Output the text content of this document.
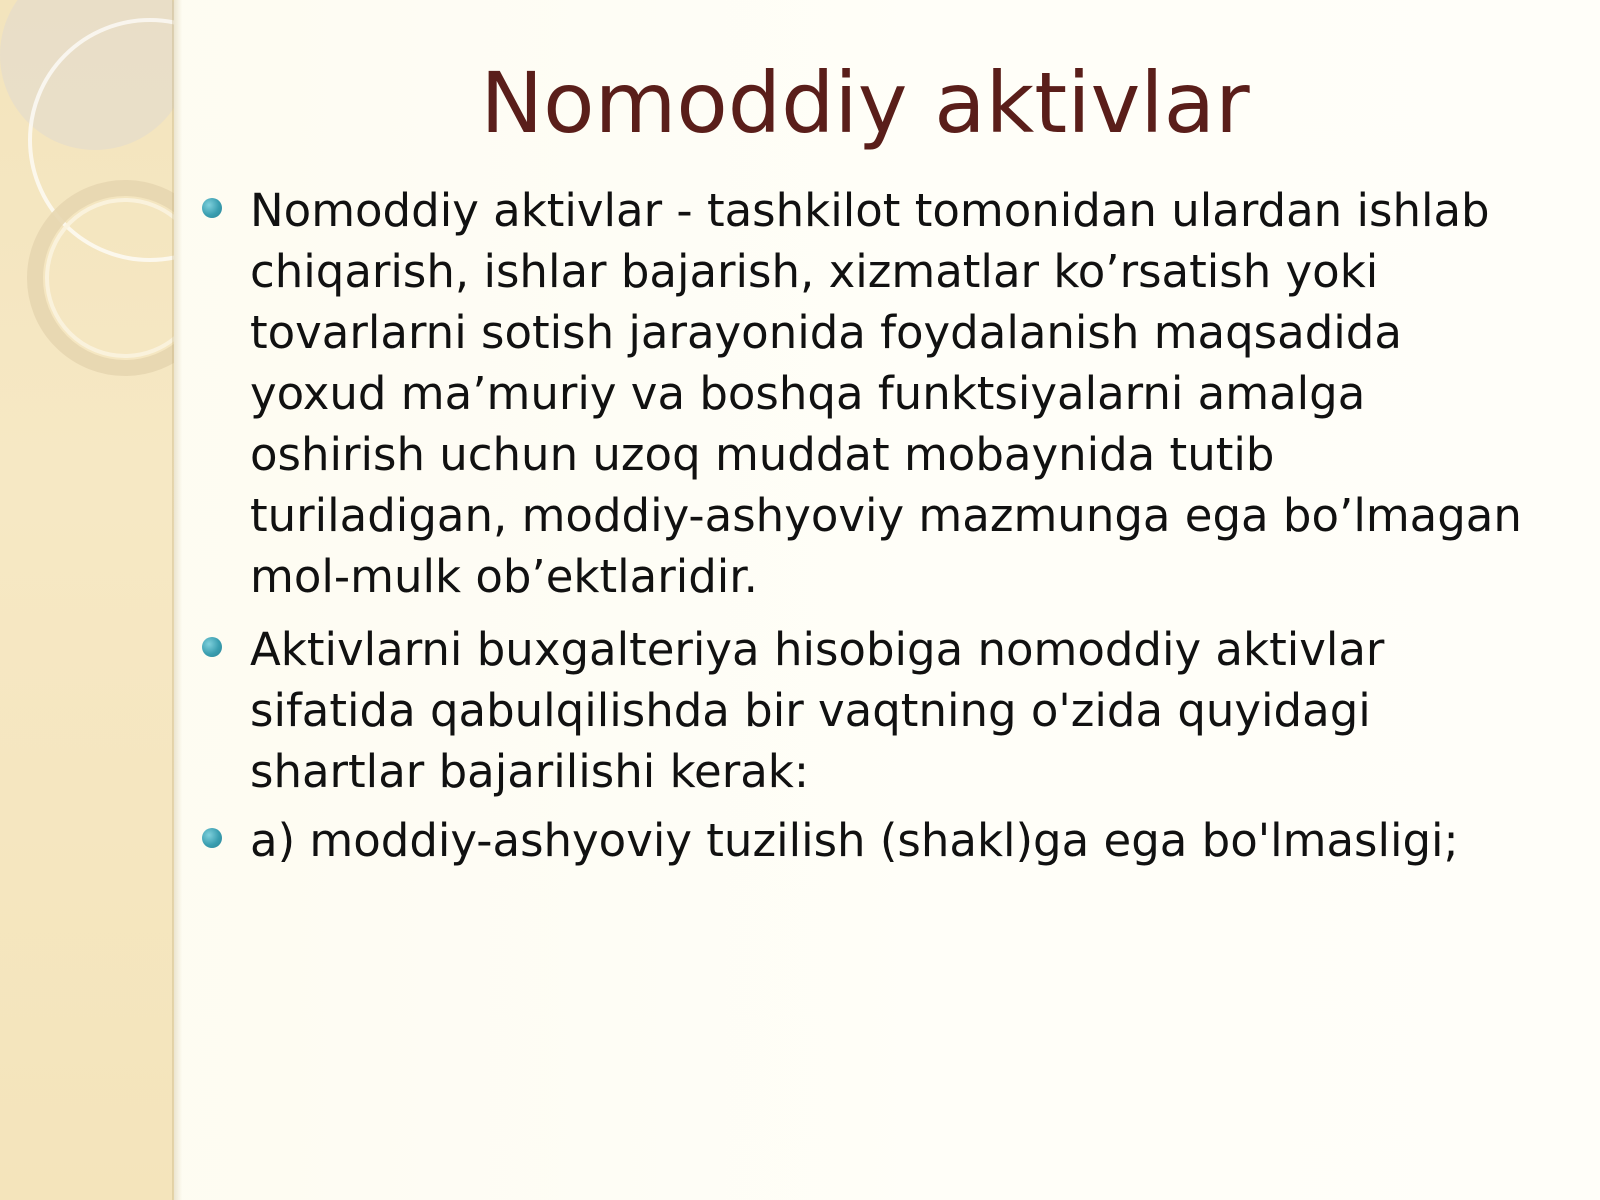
Nomoddiy aktivlar
Nomoddiy aktivlar - tashkilot tomonidan ulardan ishlab chiqarish, ishlar bajarish, xizmatlar ko’rsatish yoki tovarlarni sotish jarayonida foydalanish maqsadida yoxud ma’muriy va boshqa funktsiyalarni amalga oshirish uchun uzoq muddat mobaynida tutib turiladigan, moddiy-ashyoviy mazmunga ega bo’lmagan mol-mulk ob’ektlaridir.
Aktivlarni buxgalteriya hisobiga nomoddiy aktivlar sifatida qabulqilishda bir vaqtning o'zida quyidagi shartlar bajarilishi kerak:
a) moddiy-ashyoviy tuzilish (shakl)ga ega bo'lmasligi;
